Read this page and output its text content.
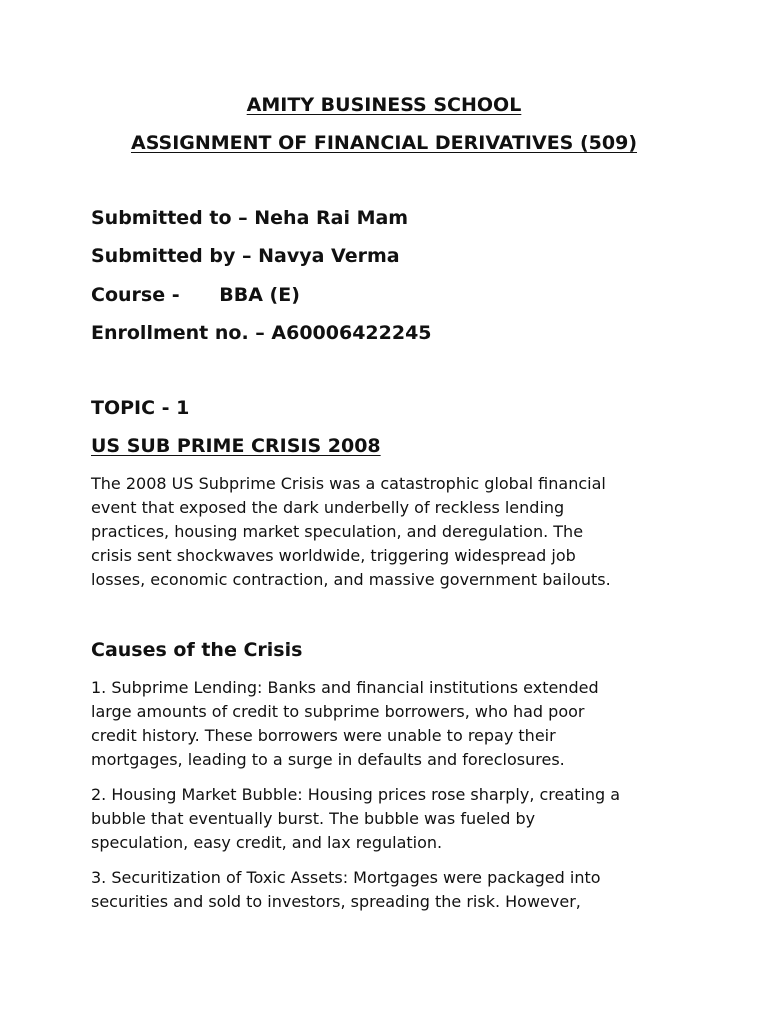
AMITY BUSINESS SCHOOL
ASSIGNMENT OF FINANCIAL DERIVATIVES (509)
Submitted to – Neha Rai Mam
Submitted by – Navya Verma
Course -      BBA (E)
Enrollment no. – A60006422245
TOPIC - 1
US SUB PRIME CRISIS 2008
The 2008 US Subprime Crisis was a catastrophic global financial
event that exposed the dark underbelly of reckless lending
practices, housing market speculation, and deregulation. The
crisis sent shockwaves worldwide, triggering widespread job
losses, economic contraction, and massive government bailouts.
Causes of the Crisis
1. Subprime Lending: Banks and financial institutions extended
large amounts of credit to subprime borrowers, who had poor
credit history. These borrowers were unable to repay their
mortgages, leading to a surge in defaults and foreclosures.
2. Housing Market Bubble: Housing prices rose sharply, creating a
bubble that eventually burst. The bubble was fueled by
speculation, easy credit, and lax regulation.
3. Securitization of Toxic Assets: Mortgages were packaged into
securities and sold to investors, spreading the risk. However,
